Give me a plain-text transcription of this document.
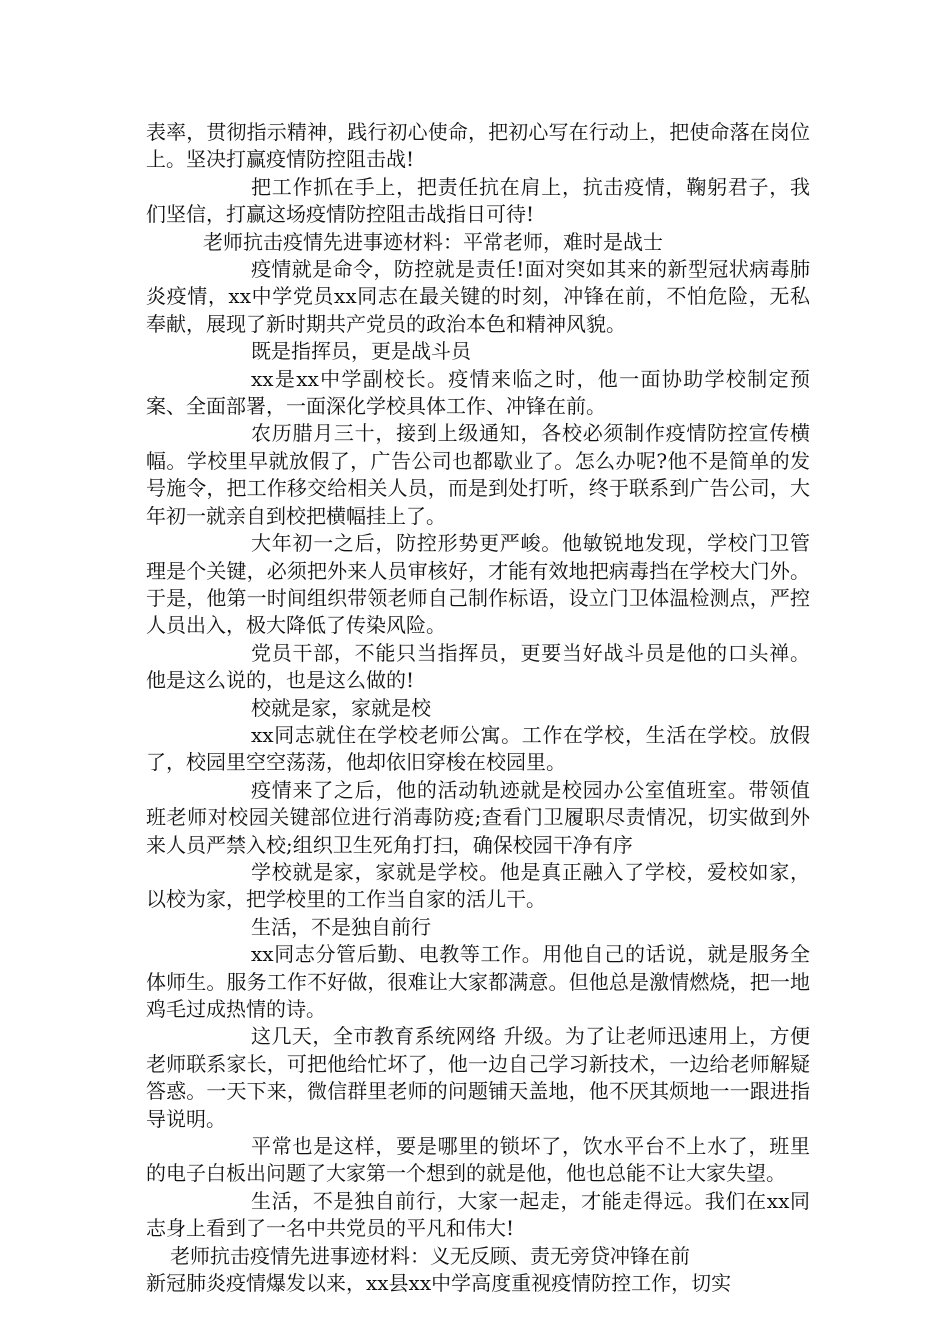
表率，贯彻指示精神，践行初心使命，把初心写在行动上，把使命落在岗位上。坚决打赢疫情防控阻击战!

把工作抓在手上，把责任抗在肩上，抗击疫情，鞠躬君子，我们坚信，打赢这场疫情防控阻击战指日可待!

老师抗击疫情先进事迹材料：平常老师，难时是战士

疫情就是命令，防控就是责任!面对突如其来的新型冠状病毒肺炎疫情，xx中学党员xx同志在最关键的时刻，冲锋在前，不怕危险，无私奉献，展现了新时期共产党员的政治本色和精神风貌。

既是指挥员，更是战斗员

xx是xx中学副校长。疫情来临之时，他一面协助学校制定预案、全面部署，一面深化学校具体工作、冲锋在前。

农历腊月三十，接到上级通知，各校必须制作疫情防控宣传横幅。学校里早就放假了，广告公司也都歇业了。怎么办呢?他不是简单的发号施令，把工作移交给相关人员，而是到处打听，终于联系到广告公司，大年初一就亲自到校把横幅挂上了。

大年初一之后，防控形势更严峻。他敏锐地发现，学校门卫管理是个关键，必须把外来人员审核好，才能有效地把病毒挡在学校大门外。于是，他第一时间组织带领老师自己制作标语，设立门卫体温检测点，严控人员出入，极大降低了传染风险。

党员干部，不能只当指挥员，更要当好战斗员是他的口头禅。他是这么说的，也是这么做的!

校就是家，家就是校

xx同志就住在学校老师公寓。工作在学校，生活在学校。放假了，校园里空空荡荡，他却依旧穿梭在校园里。

疫情来了之后，他的活动轨迹就是校园办公室值班室。带领值班老师对校园关键部位进行消毒防疫;查看门卫履职尽责情况，切实做到外来人员严禁入校;组织卫生死角打扫，确保校园干净有序

学校就是家，家就是学校。他是真正融入了学校，爱校如家，以校为家，把学校里的工作当自家的活儿干。

生活，不是独自前行

xx同志分管后勤、电教等工作。用他自己的话说，就是服务全体师生。服务工作不好做，很难让大家都满意。但他总是激情燃烧，把一地鸡毛过成热情的诗。

这几天，全市教育系统网络 升级。为了让老师迅速用上，方便老师联系家长，可把他给忙坏了，他一边自己学习新技术，一边给老师解疑答惑。一天下来，微信群里老师的问题铺天盖地，他不厌其烦地一一跟进指导说明。

平常也是这样，要是哪里的锁坏了，饮水平台不上水了，班里的电子白板出问题了大家第一个想到的就是他，他也总能不让大家失望。

生活，不是独自前行，大家一起走，才能走得远。我们在xx同志身上看到了一名中共党员的平凡和伟大!

老师抗击疫情先进事迹材料：义无反顾、责无旁贷冲锋在前

新冠肺炎疫情爆发以来，xx县xx中学高度重视疫情防控工作，切实
